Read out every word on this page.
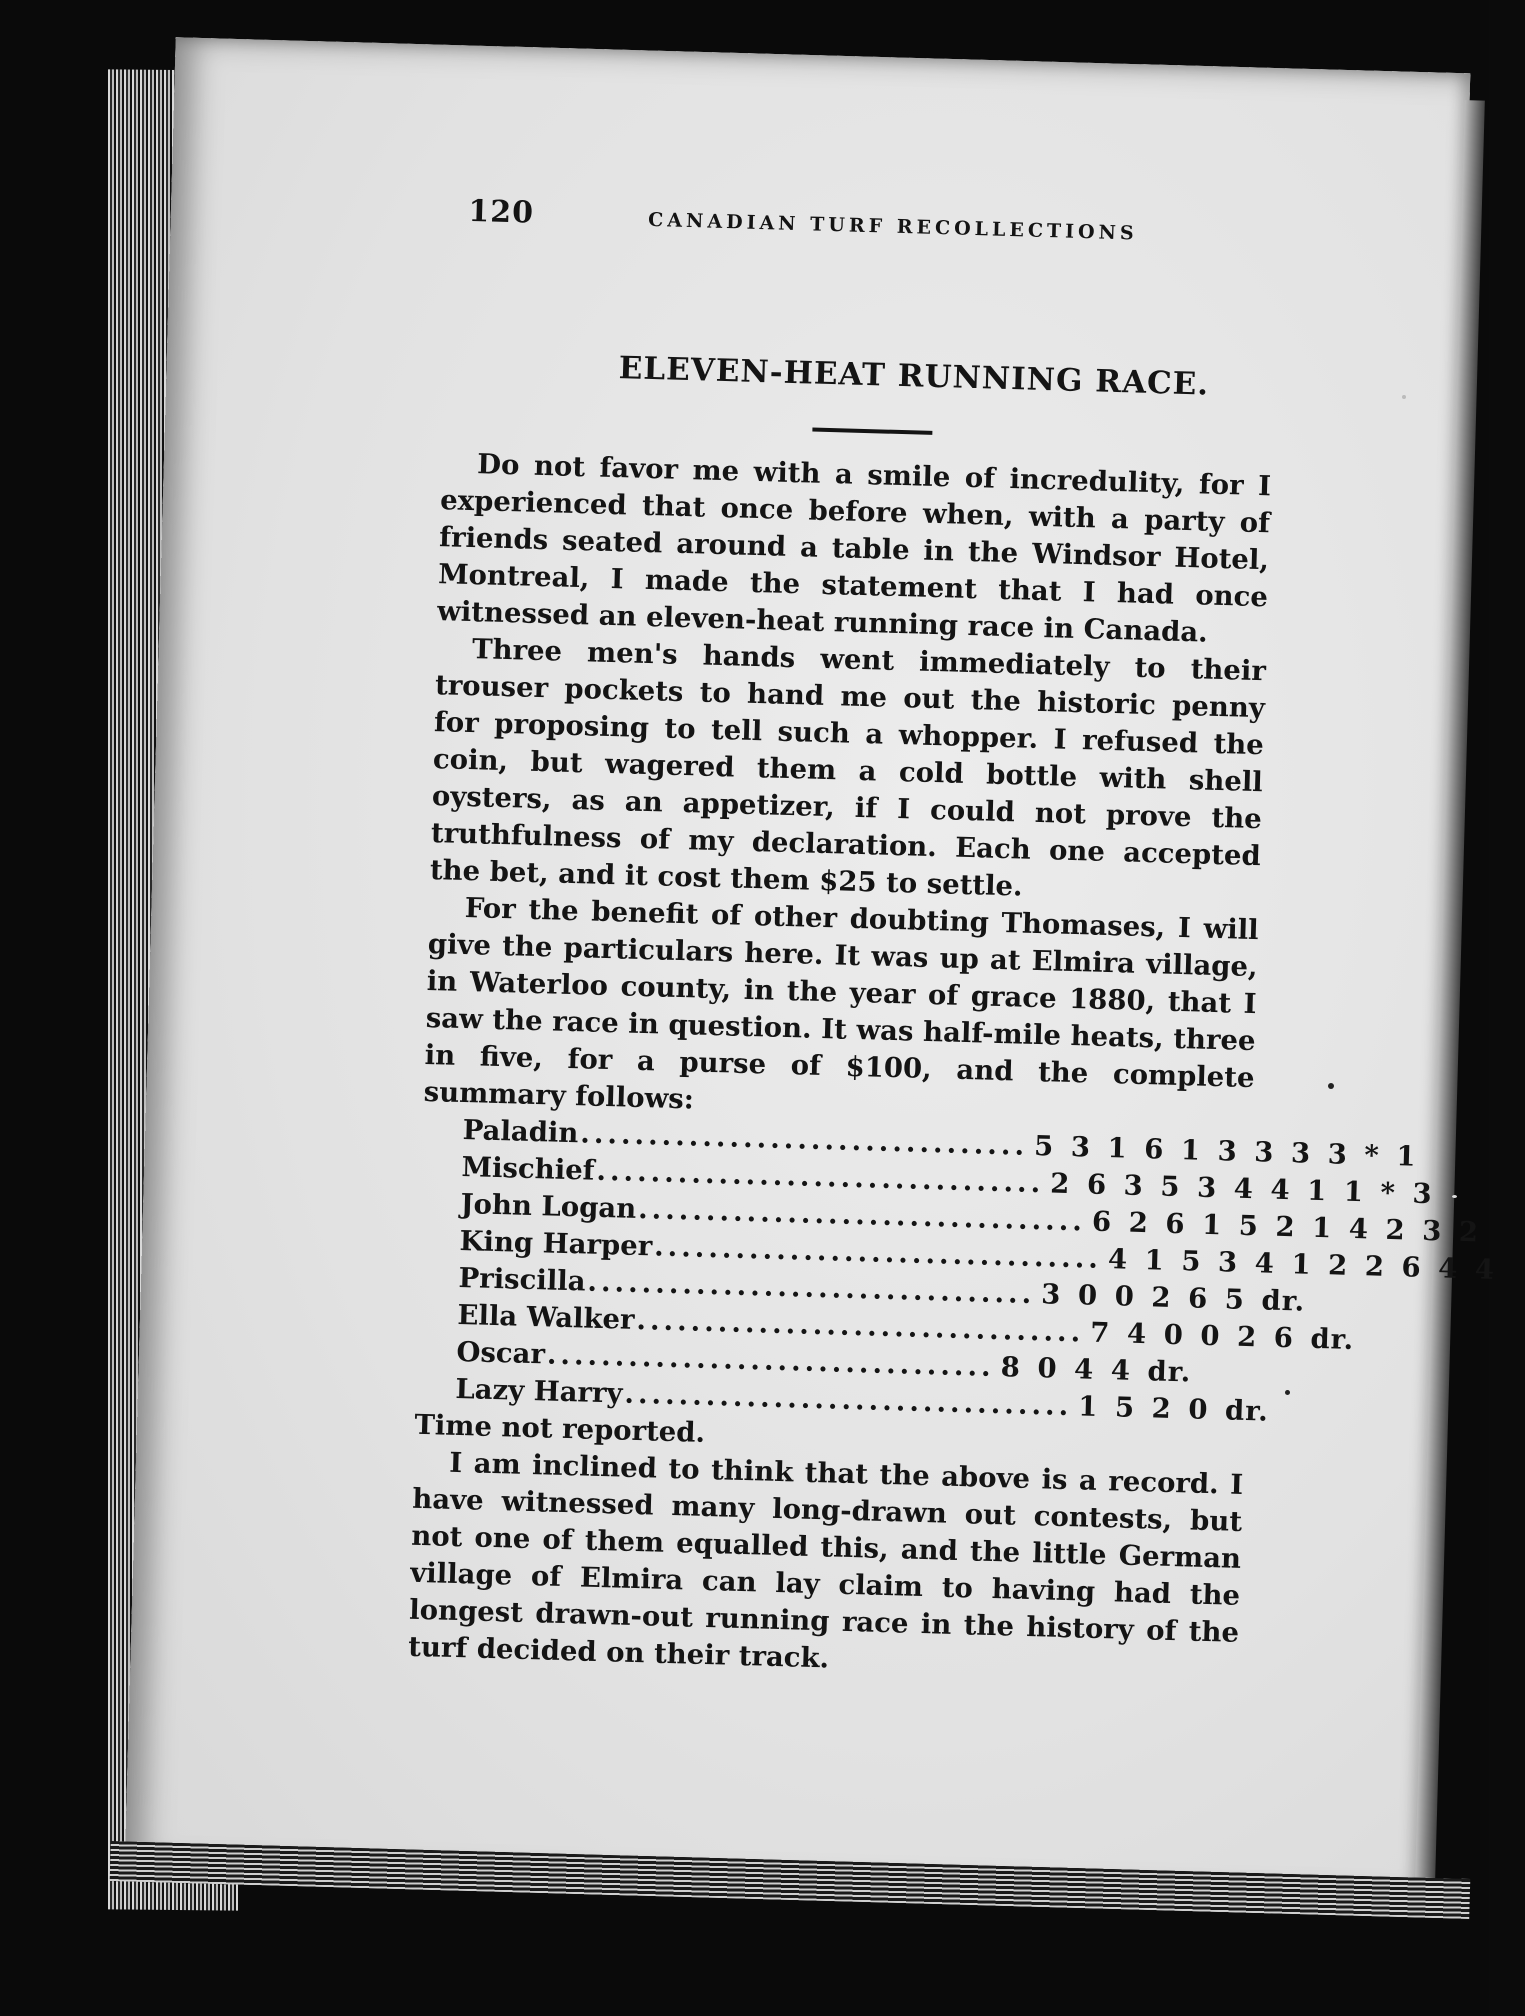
120	CANADIAN TURF RECOLLECTIONS
ELEVEN-HEAT RUNNING RACE.

Do not favor me with a smile of incredulity, for I experienced that once before when, with a party of friends seated around a table in the Windsor Hotel, Montreal, I made the statement that I had once witnessed an eleven-heat running race in Canada.

Three men's hands went immediately to their trouser pockets to hand me out the historic penny for proposing to tell such a whopper. I refused the coin, but wagered them a cold bottle with shell oysters, as an appetizer, if I could not prove the truthfulness of my declaration. Each one accepted the bet, and it cost them $25 to settle.

For the benefit of other doubting Thomases, I will give the particulars here. It was up at Elmira village, in Waterloo county, in the year of grace 1880, that I saw the race in question. It was half-mile heats, three in five, for a purse of $100, and the complete summary follows:

Paladin ................................. 5 3 1 6 1 3 3 3 3 * 1
Mischief ................................. 2 6 3 5 3 4 4 1 1 * 3
John Logan ................................. 6 2 6 1 5 2 1 4 2 3 2
King Harper ................................. 4 1 5 3 4 1 2 2 6 4 4
Priscilla ................................. 3 0 0 2 6 5 dr.
Ella Walker ................................. 7 4 0 0 2 6 dr.
Oscar ................................. 8 0 4 4 dr.
Lazy Harry ................................. 1 5 2 0 dr.

Time not reported.

I am inclined to think that the above is a record. I have witnessed many long-drawn out contests, but not one of them equalled this, and the little German village of Elmira can lay claim to having had the longest drawn-out running race in the history of the turf decided on their track.
